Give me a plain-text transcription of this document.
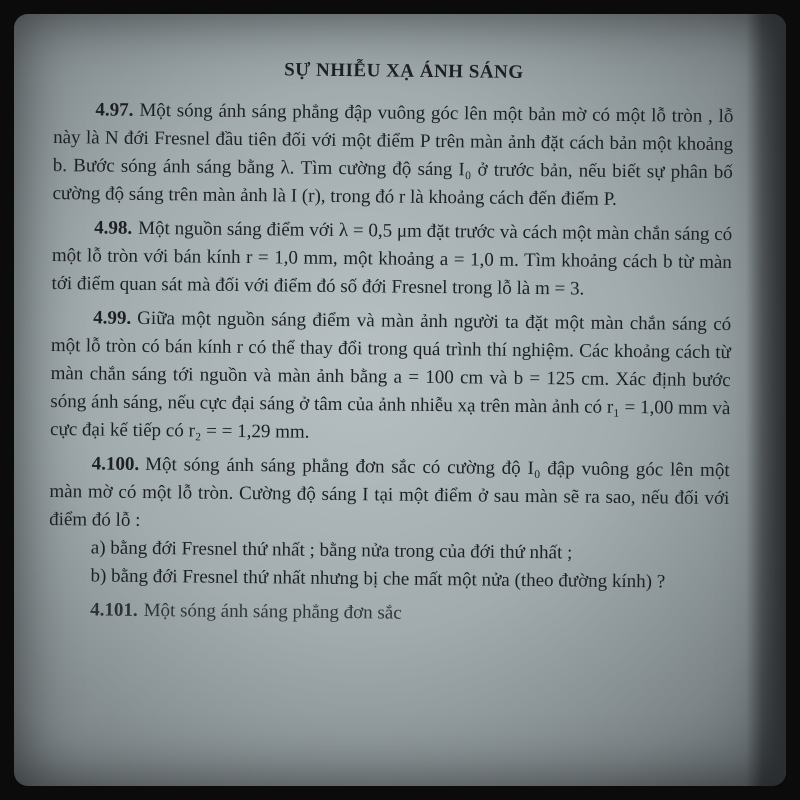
SỰ NHIỄU XẠ ÁNH SÁNG

4.97. Một sóng ánh sáng phẳng đập vuông góc lên một bản mờ có một lỗ tròn , lỗ này là N đới Fresnel đầu tiên đối với một điểm P trên màn ảnh đặt cách bản một khoảng b. Bước sóng ánh sáng bằng λ. Tìm cường độ sáng I₀ ở trước bản, nếu biết sự phân bố cường độ sáng trên màn ảnh là I (r), trong đó r là khoảng cách đến điểm P.

4.98. Một nguồn sáng điểm với λ = 0,5 μm đặt trước và cách một màn chắn sáng có một lỗ tròn với bán kính r = 1,0 mm, một khoảng a = 1,0 m. Tìm khoảng cách b từ màn tới điểm quan sát mà đối với điểm đó số đới Fresnel trong lỗ là m = 3.

4.99. Giữa một nguồn sáng điểm và màn ảnh người ta đặt một màn chắn sáng có một lỗ tròn có bán kính r có thể thay đổi trong quá trình thí nghiệm. Các khoảng cách từ màn chắn sáng tới nguồn và màn ảnh bằng a = 100 cm và b = 125 cm. Xác định bước sóng ánh sáng, nếu cực đại sáng ở tâm của ảnh nhiễu xạ trên màn ảnh có r₁ = 1,00 mm và cực đại kế tiếp có r₂ = = 1,29 mm.

4.100. Một sóng ánh sáng phẳng đơn sắc có cường độ I₀ đập vuông góc lên một màn mờ có một lỗ tròn. Cường độ sáng I tại một điểm ở sau màn sẽ ra sao, nếu đối với điểm đó lỗ :

a) bằng đới Fresnel thứ nhất ; bằng nửa trong của đới thứ nhất ;

b) bằng đới Fresnel thứ nhất nhưng bị che mất một nửa (theo đường kính) ?

4.101. Một sóng ánh sáng phẳng đơn sắc
